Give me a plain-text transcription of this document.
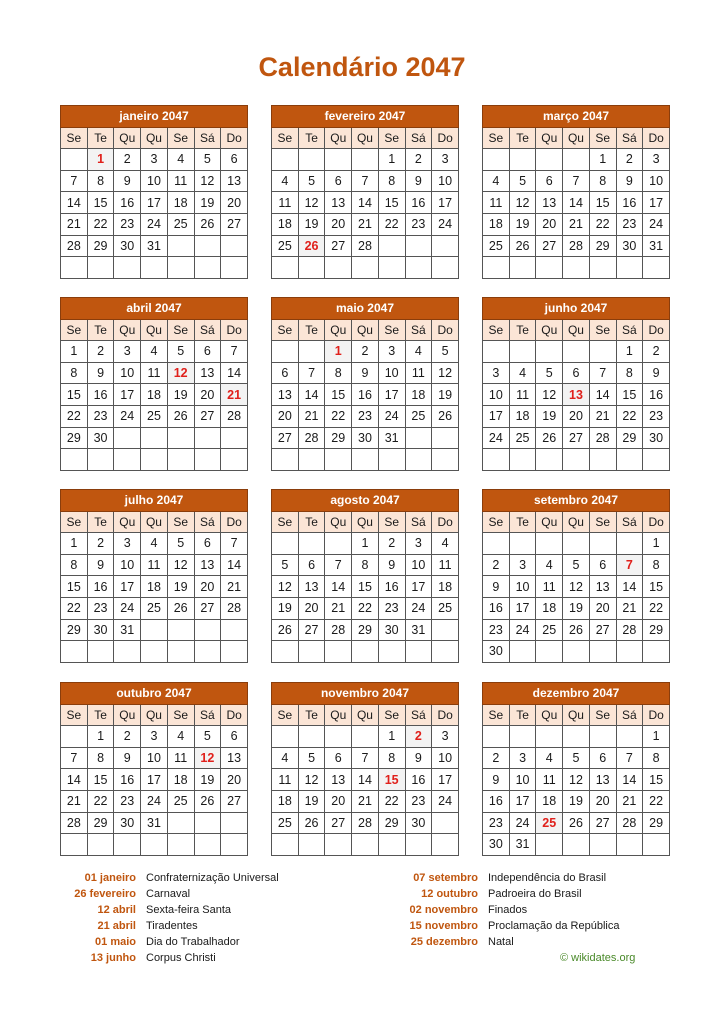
Calendário 2047
janeiro 2047						
Se	Te	Qu	Qu	Se	Sá	Do
	1	2	3	4	5	6
7	8	9	10	11	12	13
14	15	16	17	18	19	20
21	22	23	24	25	26	27
28	29	30	31			

fevereiro 2047						
Se	Te	Qu	Qu	Se	Sá	Do
				1	2	3
4	5	6	7	8	9	10
11	12	13	14	15	16	17
18	19	20	21	22	23	24
25	26	27	28			

março 2047						
Se	Te	Qu	Qu	Se	Sá	Do
				1	2	3
4	5	6	7	8	9	10
11	12	13	14	15	16	17
18	19	20	21	22	23	24
25	26	27	28	29	30	31

abril 2047						
Se	Te	Qu	Qu	Se	Sá	Do
1	2	3	4	5	6	7
8	9	10	11	12	13	14
15	16	17	18	19	20	21
22	23	24	25	26	27	28
29	30					

maio 2047						
Se	Te	Qu	Qu	Se	Sá	Do
		1	2	3	4	5
6	7	8	9	10	11	12
13	14	15	16	17	18	19
20	21	22	23	24	25	26
27	28	29	30	31		

junho 2047						
Se	Te	Qu	Qu	Se	Sá	Do
					1	2
3	4	5	6	7	8	9
10	11	12	13	14	15	16
17	18	19	20	21	22	23
24	25	26	27	28	29	30

julho 2047						
Se	Te	Qu	Qu	Se	Sá	Do
1	2	3	4	5	6	7
8	9	10	11	12	13	14
15	16	17	18	19	20	21
22	23	24	25	26	27	28
29	30	31				

agosto 2047						
Se	Te	Qu	Qu	Se	Sá	Do
			1	2	3	4
5	6	7	8	9	10	11
12	13	14	15	16	17	18
19	20	21	22	23	24	25
26	27	28	29	30	31	

setembro 2047						
Se	Te	Qu	Qu	Se	Sá	Do
						1
2	3	4	5	6	7	8
9	10	11	12	13	14	15
16	17	18	19	20	21	22
23	24	25	26	27	28	29
30						
outubro 2047						
Se	Te	Qu	Qu	Se	Sá	Do
	1	2	3	4	5	6
7	8	9	10	11	12	13
14	15	16	17	18	19	20
21	22	23	24	25	26	27
28	29	30	31			

novembro 2047						
Se	Te	Qu	Qu	Se	Sá	Do
				1	2	3
4	5	6	7	8	9	10
11	12	13	14	15	16	17
18	19	20	21	22	23	24
25	26	27	28	29	30	

dezembro 2047						
Se	Te	Qu	Qu	Se	Sá	Do
						1
2	3	4	5	6	7	8
9	10	11	12	13	14	15
16	17	18	19	20	21	22
23	24	25	26	27	28	29
30	31					
01 janeiro Confraternização Universal
26 fevereiro Carnaval
12 abril Sexta-feira Santa
21 abril Tiradentes
01 maio Dia do Trabalhador
13 junho Corpus Christi
07 setembro Independência do Brasil
12 outubro Padroeira do Brasil
02 novembro Finados
15 novembro Proclamação da República
25 dezembro Natal
© wikidates.org
